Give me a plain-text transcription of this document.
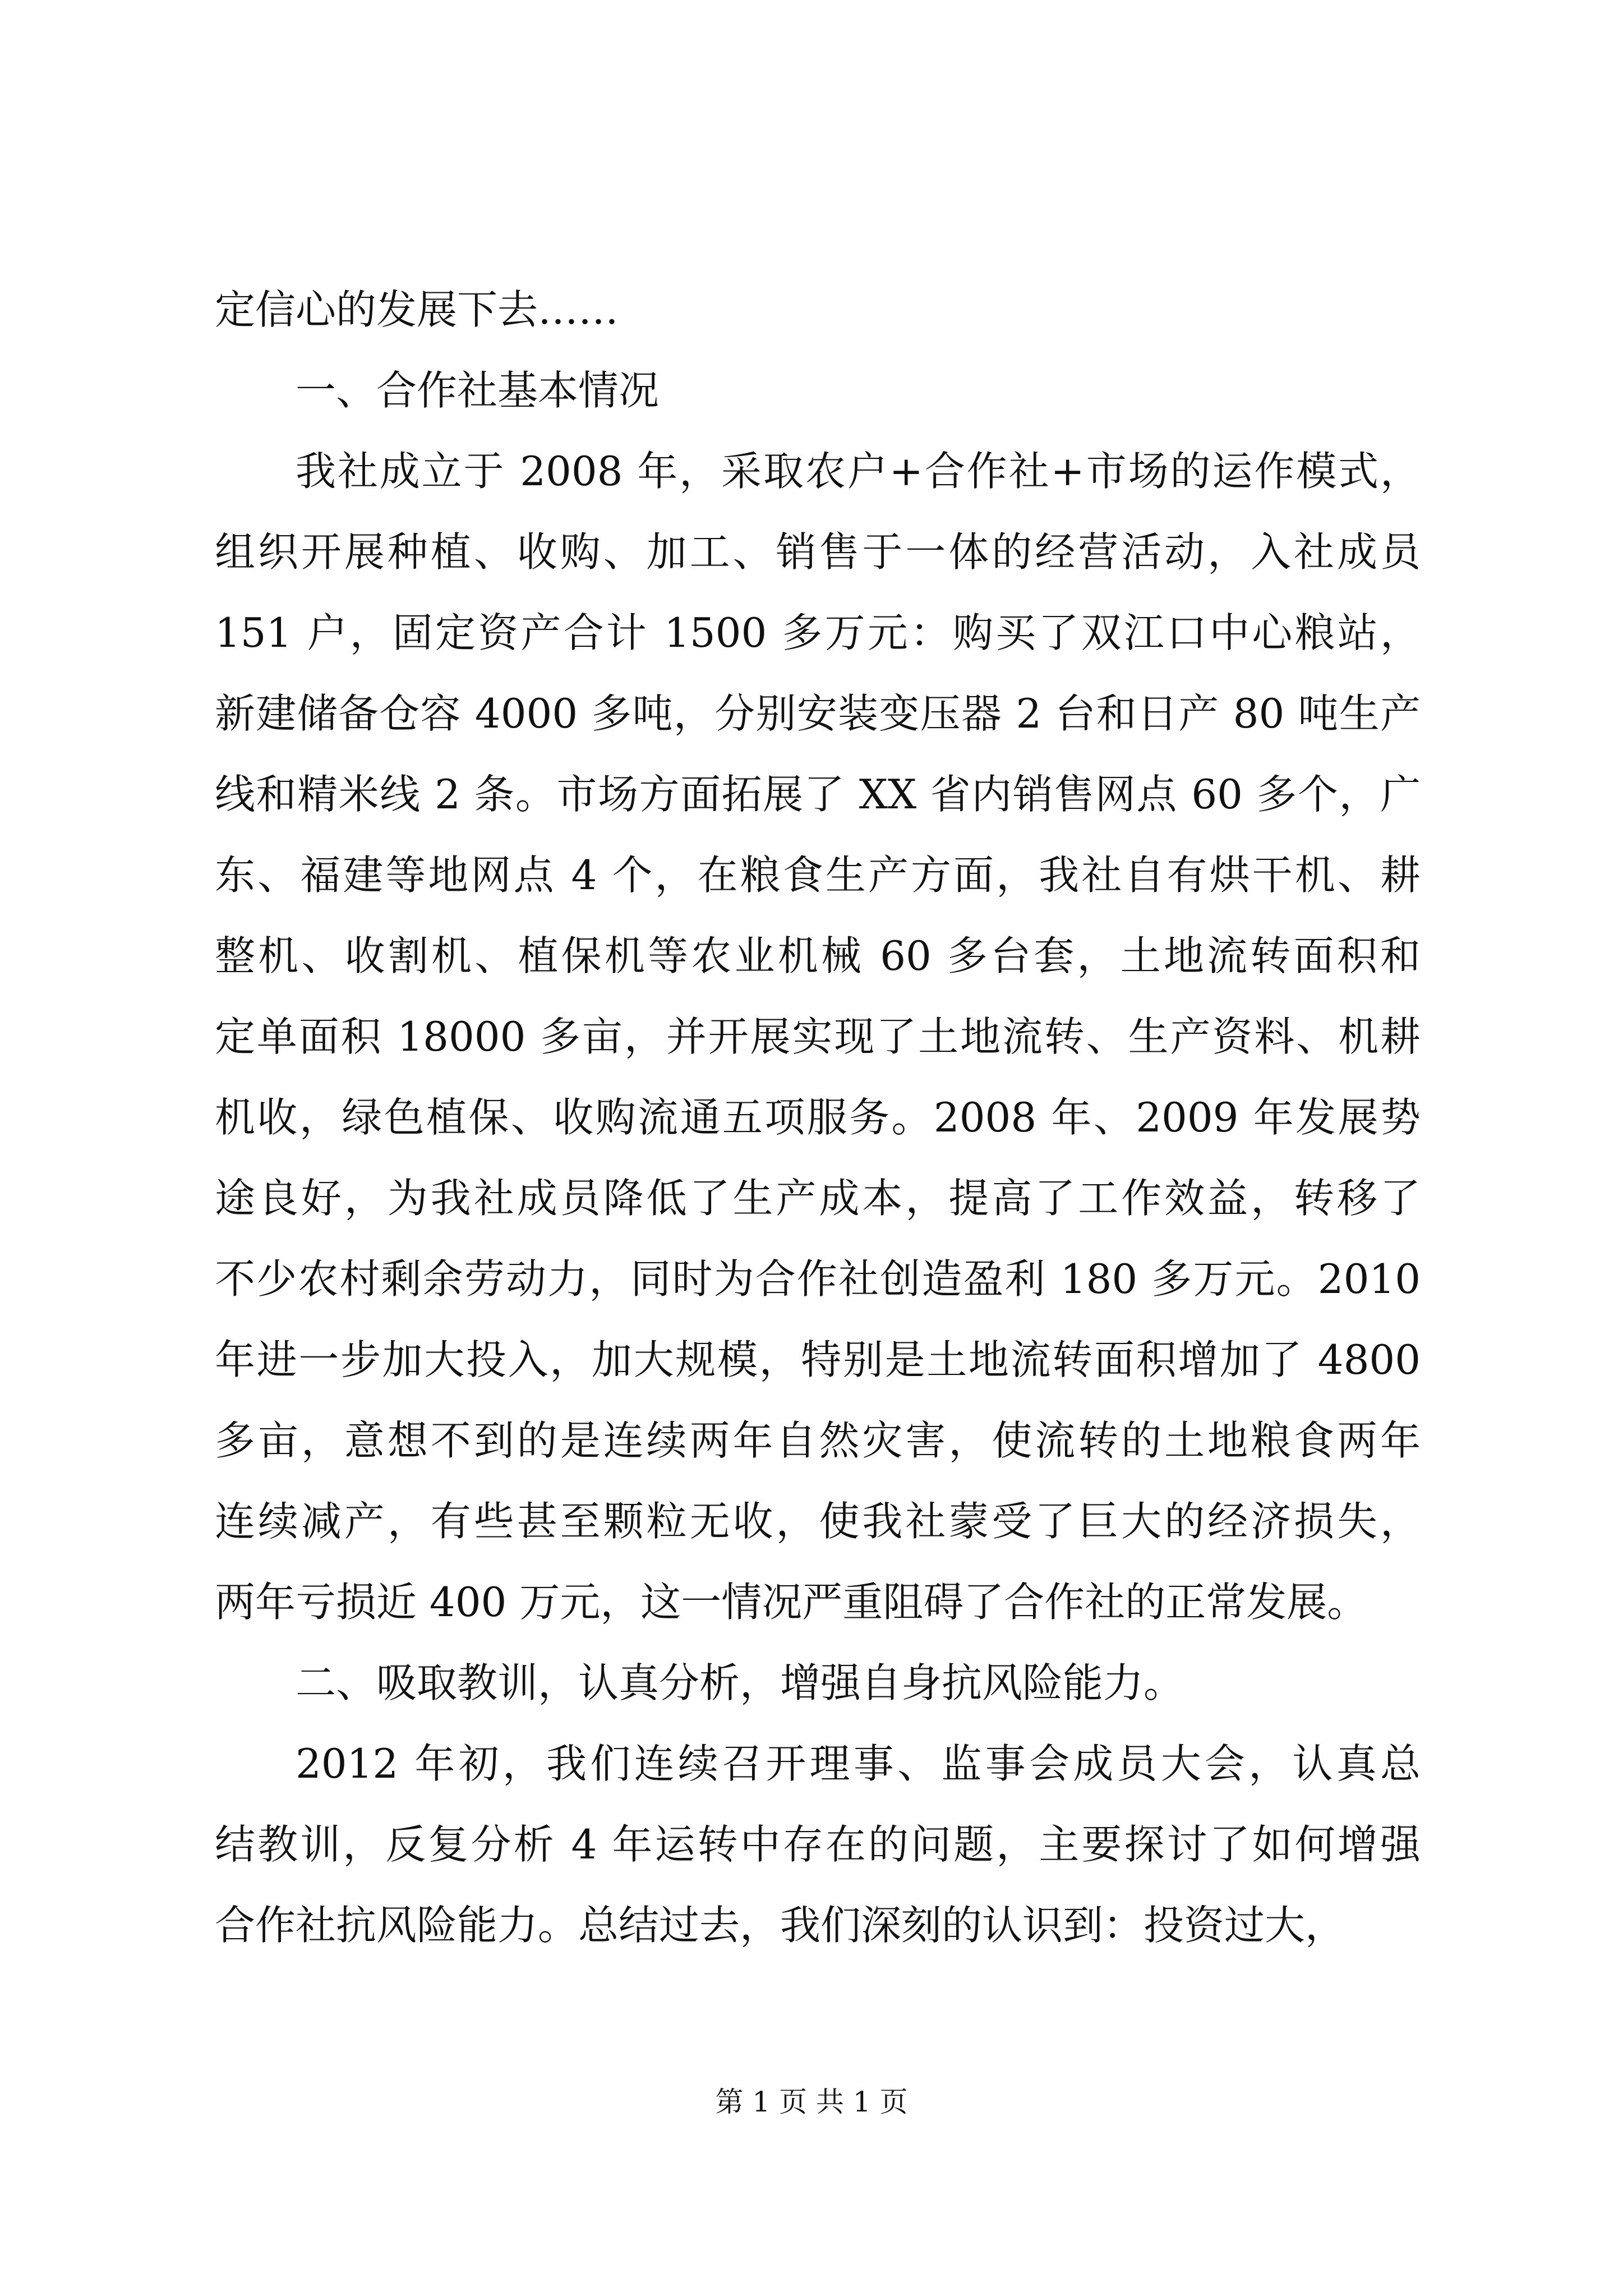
定信心的发展下去……
一、合作社基本情况
我社成立于 2008 年，采取农户+合作社+市场的运作模式，
组织开展种植、收购、加工、销售于一体的经营活动，入社成员
151 户，固定资产合计 1500 多万元：购买了双江口中心粮站，
新建储备仓容 4000 多吨，分别安装变压器 2 台和日产 80 吨生产
线和精米线 2 条。市场方面拓展了 XX 省内销售网点 60 多个，广
东、福建等地网点 4 个，在粮食生产方面，我社自有烘干机、耕
整机、收割机、植保机等农业机械 60 多台套，土地流转面积和
定单面积 18000 多亩，并开展实现了土地流转、生产资料、机耕
机收，绿色植保、收购流通五项服务。2008 年、2009 年发展势
途良好，为我社成员降低了生产成本，提高了工作效益，转移了
不少农村剩余劳动力，同时为合作社创造盈利 180 多万元。2010
年进一步加大投入，加大规模，特别是土地流转面积增加了 4800
多亩，意想不到的是连续两年自然灾害，使流转的土地粮食两年
连续减产，有些甚至颗粒无收，使我社蒙受了巨大的经济损失，
两年亏损近 400 万元，这一情况严重阻碍了合作社的正常发展。
二、吸取教训，认真分析，增强自身抗风险能力。
2012 年初，我们连续召开理事、监事会成员大会，认真总
结教训，反复分析 4 年运转中存在的问题，主要探讨了如何增强
合作社抗风险能力。总结过去，我们深刻的认识到：投资过大，
第 1 页 共 1 页
